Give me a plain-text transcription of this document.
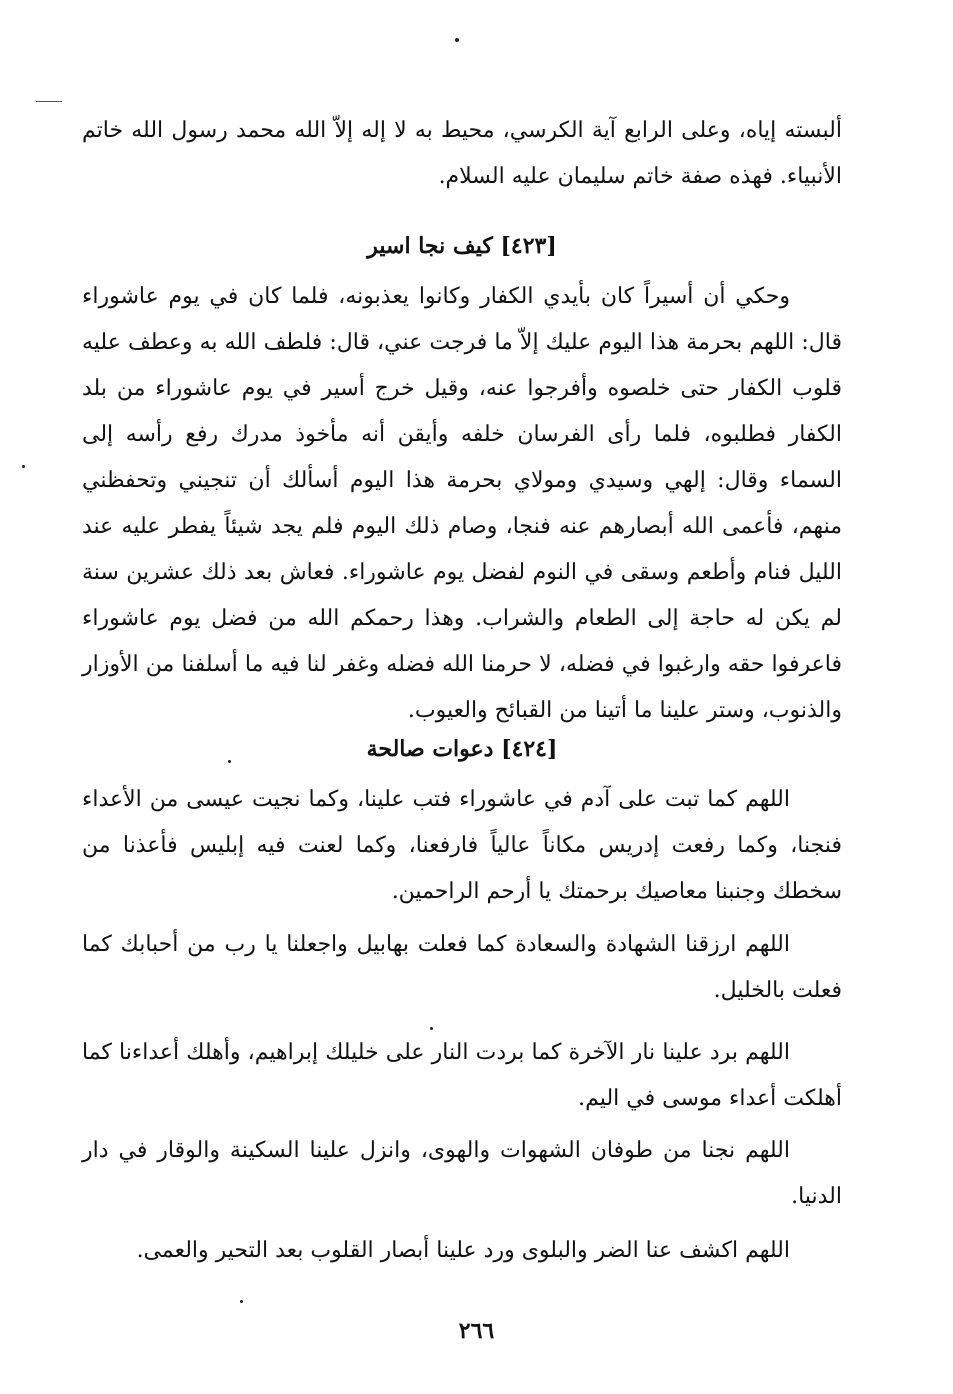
ألبسته إياه، وعلى الرابع آية الكرسي، محيط به لا إله إلاّ الله محمد رسول الله خاتم الأنبياء. فهذه صفة خاتم سليمان عليه السلام.
[٤٢٣] كيف نجا اسير
وحكي أن أسيراً كان بأيدي الكفار وكانوا يعذبونه، فلما كان في يوم عاشوراء قال: اللهم بحرمة هذا اليوم عليك إلاّ ما فرجت عني، قال: فلطف الله به وعطف عليه قلوب الكفار حتى خلصوه وأفرجوا عنه، وقيل خرج أسير في يوم عاشوراء من بلد الكفار فطلبوه، فلما رأى الفرسان خلفه وأيقن أنه مأخوذ مدرك رفع رأسه إلى السماء وقال: إلهي وسيدي ومولاي بحرمة هذا اليوم أسألك أن تنجيني وتحفظني منهم، فأعمى الله أبصارهم عنه فنجا، وصام ذلك اليوم فلم يجد شيئاً يفطر عليه عند الليل فنام وأطعم وسقى في النوم لفضل يوم عاشوراء. فعاش بعد ذلك عشرين سنة لم يكن له حاجة إلى الطعام والشراب. وهذا رحمكم الله من فضل يوم عاشوراء فاعرفوا حقه وارغبوا في فضله، لا حرمنا الله فضله وغفر لنا فيه ما أسلفنا من الأوزار والذنوب، وستر علينا ما أتينا من القبائح والعيوب.
[٤٢٤] دعوات صالحة
اللهم كما تبت على آدم في عاشوراء فتب علينا، وكما نجيت عيسى من الأعداء فنجنا، وكما رفعت إدريس مكاناً عالياً فارفعنا، وكما لعنت فيه إبليس فأعذنا من سخطك وجنبنا معاصيك برحمتك يا أرحم الراحمين.
اللهم ارزقنا الشهادة والسعادة كما فعلت بهابيل واجعلنا يا رب من أحبابك كما فعلت بالخليل.
اللهم برد علينا نار الآخرة كما بردت النار على خليلك إبراهيم، وأهلك أعداءنا كما أهلكت أعداء موسى في اليم.
اللهم نجنا من طوفان الشهوات والهوى، وانزل علينا السكينة والوقار في دار الدنيا.
اللهم اكشف عنا الضر والبلوى ورد علينا أبصار القلوب بعد التحير والعمى.
٢٦٦
